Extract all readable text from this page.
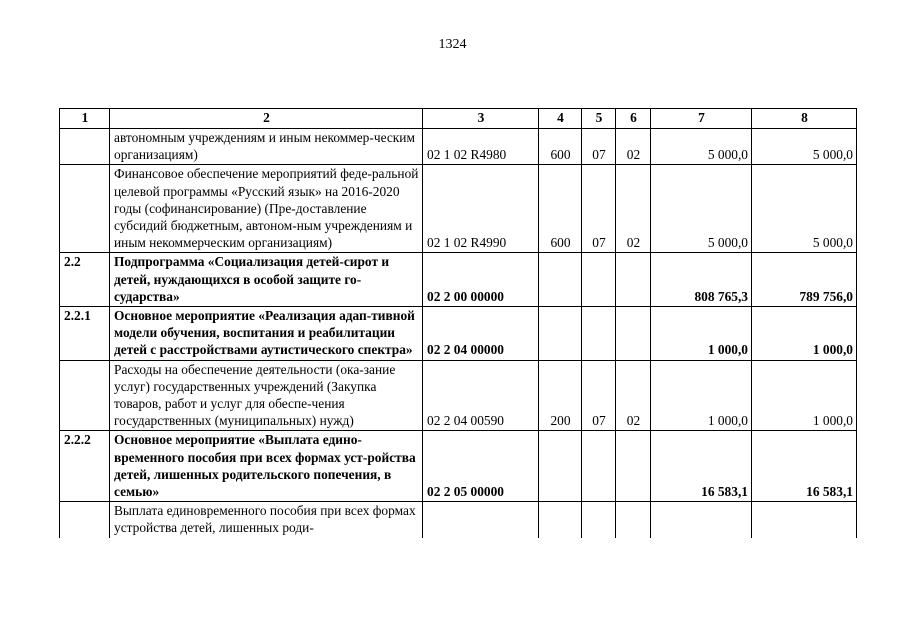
1324
1	2	3	4	5	6	7	8
	автономным учреждениям и иным некоммер-ческим организациям)	02 1 02 R4980	600	07	02	5 000,0	5 000,0
	Финансовое обеспечение мероприятий феде-ральной целевой программы «Русский язык» на 2016-2020 годы (софинансирование) (Пре-доставление субсидий бюджетным, автоном-ным учреждениям и иным некоммерческим организациям)	02 1 02 R4990	600	07	02	5 000,0	5 000,0
2.2	Подпрограмма «Социализация детей-сирот и детей, нуждающихся в особой защите го-сударства»	02 2 00 00000				808 765,3	789 756,0
2.2.1	Основное мероприятие «Реализация адап-тивной модели обучения, воспитания и реабилитации детей с расстройствами аутистического спектра»	02 2 04 00000				1 000,0	1 000,0
	Расходы на обеспечение деятельности (ока-зание услуг) государственных учреждений (Закупка товаров, работ и услуг для обеспе-чения государственных (муниципальных) нужд)	02 2 04 00590	200	07	02	1 000,0	1 000,0
2.2.2	Основное мероприятие «Выплата едино-временного пособия при всех формах уст-ройства детей, лишенных родительского попечения, в семью»	02 2 05 00000				16 583,1	16 583,1
	Выплата единовременного пособия при всех формах устройства детей, лишенных роди-						
